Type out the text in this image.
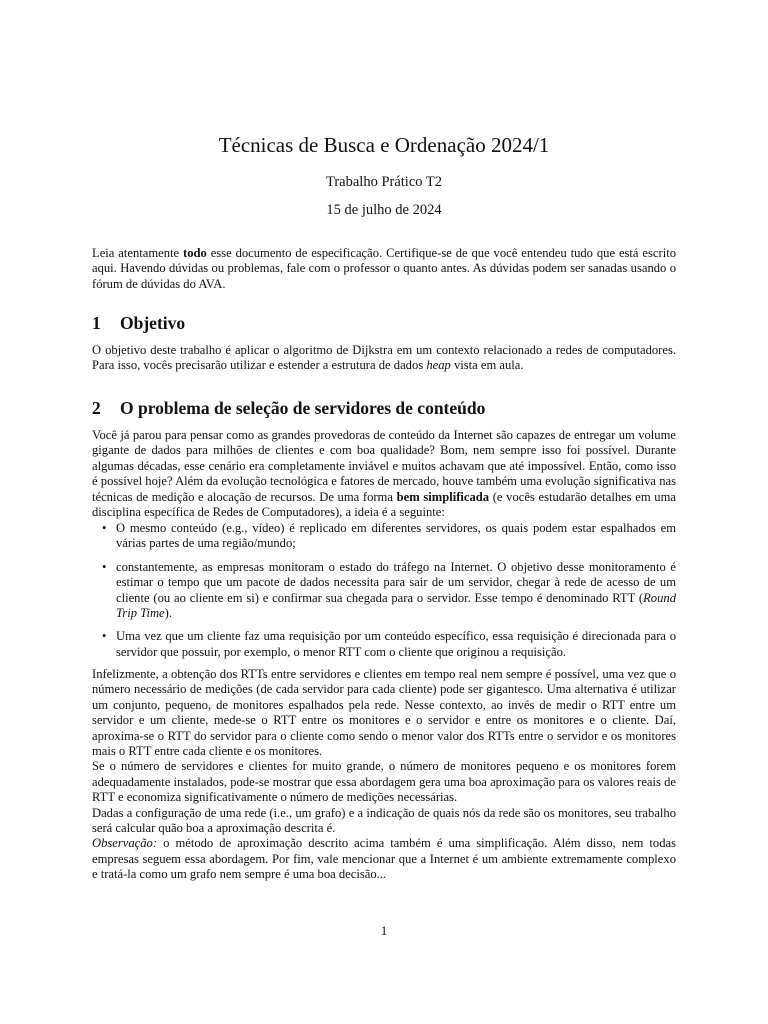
Técnicas de Busca e Ordenação 2024/1
Trabalho Prático T2
15 de julho de 2024

Leia atentamente todo esse documento de especificação. Certifique-se de que você entendeu tudo que está escrito aqui. Havendo dúvidas ou problemas, fale com o professor o quanto antes. As dúvidas podem ser sanadas usando o fórum de dúvidas do AVA.

1 Objetivo

O objetivo deste trabalho é aplicar o algoritmo de Dijkstra em um contexto relacionado a redes de computadores. Para isso, vocês precisarão utilizar e estender a estrutura de dados heap vista em aula.

2 O problema de seleção de servidores de conteúdo

Você já parou para pensar como as grandes provedoras de conteúdo da Internet são capazes de entregar um volume gigante de dados para milhões de clientes e com boa qualidade? Bom, nem sempre isso foi possível. Durante algumas décadas, esse cenário era completamente inviável e muitos achavam que até impossível. Então, como isso é possível hoje? Além da evolução tecnológica e fatores de mercado, houve também uma evolução significativa nas técnicas de medição e alocação de recursos. De uma forma bem simplificada (e vocês estudarão detalhes em uma disciplina específica de Redes de Computadores), a ideia é a seguinte:

• O mesmo conteúdo (e.g., vídeo) é replicado em diferentes servidores, os quais podem estar espalhados em várias partes de uma região/mundo;
• constantemente, as empresas monitoram o estado do tráfego na Internet. O objetivo desse monitoramento é estimar o tempo que um pacote de dados necessita para sair de um servidor, chegar à rede de acesso de um cliente (ou ao cliente em si) e confirmar sua chegada para o servidor. Esse tempo é denominado RTT (Round Trip Time).
• Uma vez que um cliente faz uma requisição por um conteúdo específico, essa requisição é direcionada para o servidor que possuir, por exemplo, o menor RTT com o cliente que originou a requisição.

Infelizmente, a obtenção dos RTTs entre servidores e clientes em tempo real nem sempre é possível, uma vez que o número necessário de medições (de cada servidor para cada cliente) pode ser gigantesco. Uma alternativa é utilizar um conjunto, pequeno, de monitores espalhados pela rede. Nesse contexto, ao invés de medir o RTT entre um servidor e um cliente, mede-se o RTT entre os monitores e o servidor e entre os monitores e o cliente. Daí, aproxima-se o RTT do servidor para o cliente como sendo o menor valor dos RTTs entre o servidor e os monitores mais o RTT entre cada cliente e os monitores.
Se o número de servidores e clientes for muito grande, o número de monitores pequeno e os monitores forem adequadamente instalados, pode-se mostrar que essa abordagem gera uma boa aproximação para os valores reais de RTT e economiza significativamente o número de medições necessárias.
Dadas a configuração de uma rede (i.e., um grafo) e a indicação de quais nós da rede são os monitores, seu trabalho será calcular quão boa a aproximação descrita é.
Observação: o método de aproximação descrito acima também é uma simplificação. Além disso, nem todas empresas seguem essa abordagem. Por fim, vale mencionar que a Internet é um ambiente extremamente complexo e tratá-la como um grafo nem sempre é uma boa decisão...

1
